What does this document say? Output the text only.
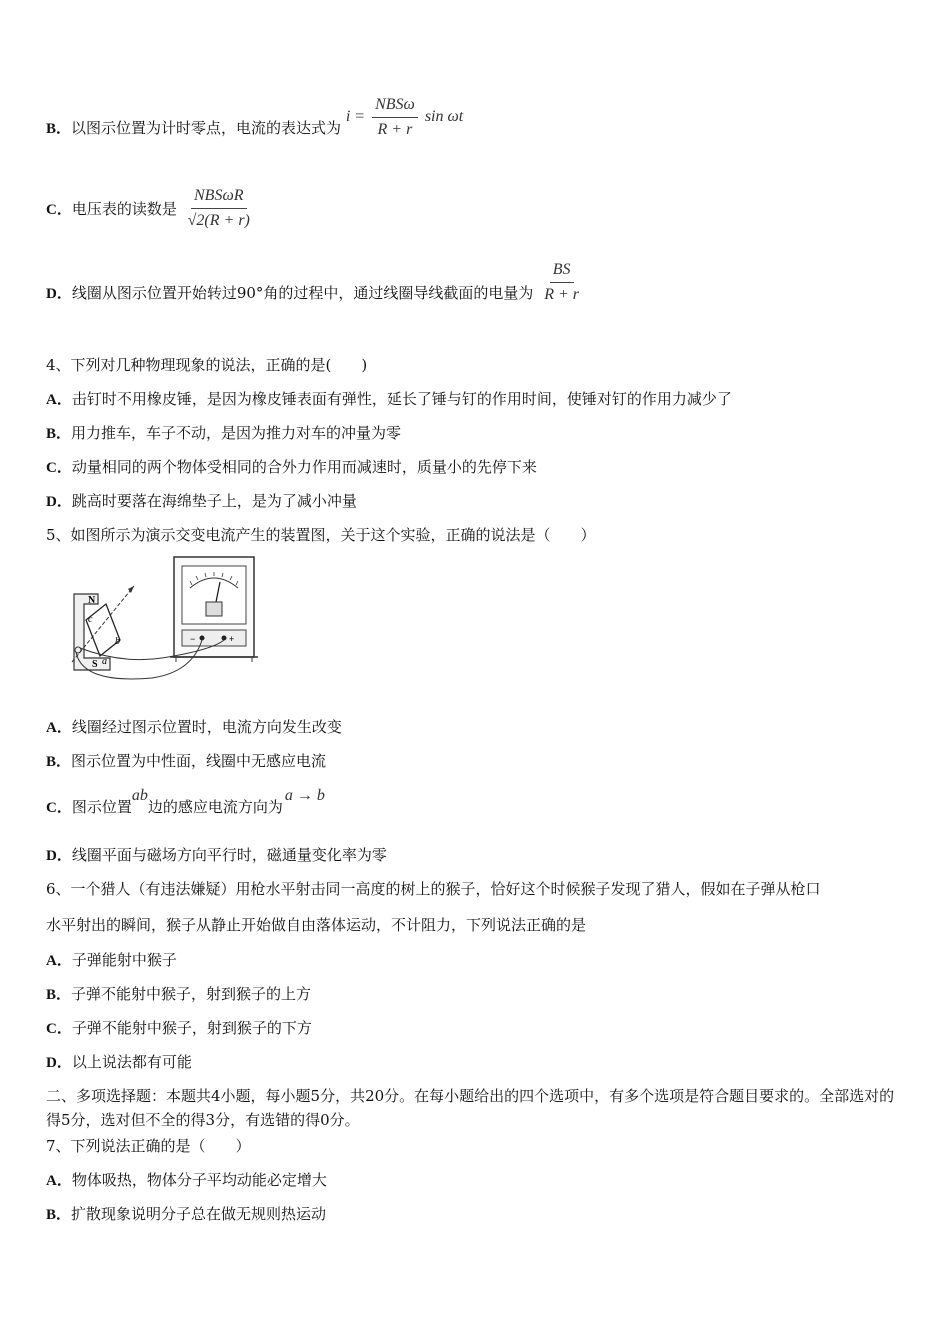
B．以图示位置为计时零点，电流的表达式为 $i = \frac{\text{NBSω}}{R + r}$ sin ωt
C．电压表的读数是 $\frac{\text{NBSωR}}{√2(R + r)}$
D．线圈从图示位置开始转过90°角的过程中，通过线圈导线截面的电量为 $\frac{BS}{R + r}$
4、下列对几种物理现象的说法，正确的是(　　)
A．击钉时不用橡皮锤，是因为橡皮锤表面有弹性，延长了锤与钉的作用时间，使锤对钉的作用力减少了
B．用力推车，车子不动，是因为推力对车的冲量为零
C．动量相同的两个物体受相同的合外力作用而减速时，质量小的先停下来
D．跳高时要落在海绵垫子上，是为了减小冲量
5、如图所示为演示交变电流产生的装置图，关于这个实验，正确的说法是（　　）
−	+
N
S
c
b
a
A．线圈经过图示位置时，电流方向发生改变
B．图示位置为中性面，线圈中无感应电流
C．图示位置ab边的感应电流方向为a → b
D．线圈平面与磁场方向平行时，磁通量变化率为零
6、一个猎人（有违法嫌疑）用枪水平射击同一高度的树上的猴子，恰好这个时候猴子发现了猎人，假如在子弹从枪口
水平射出的瞬间，猴子从静止开始做自由落体运动，不计阻力，下列说法正确的是
A．子弹能射中猴子
B．子弹不能射中猴子，射到猴子的上方
C．子弹不能射中猴子，射到猴子的下方
D．以上说法都有可能
二、多项选择题：本题共4小题，每小题5分，共20分。在每小题给出的四个选项中，有多个选项是符合题目要求的。全部选对的得5分，选对但不全的得3分，有选错的得0分。
7、下列说法正确的是（　　）
A．物体吸热，物体分子平均动能必定增大
B．扩散现象说明分子总在做无规则热运动
